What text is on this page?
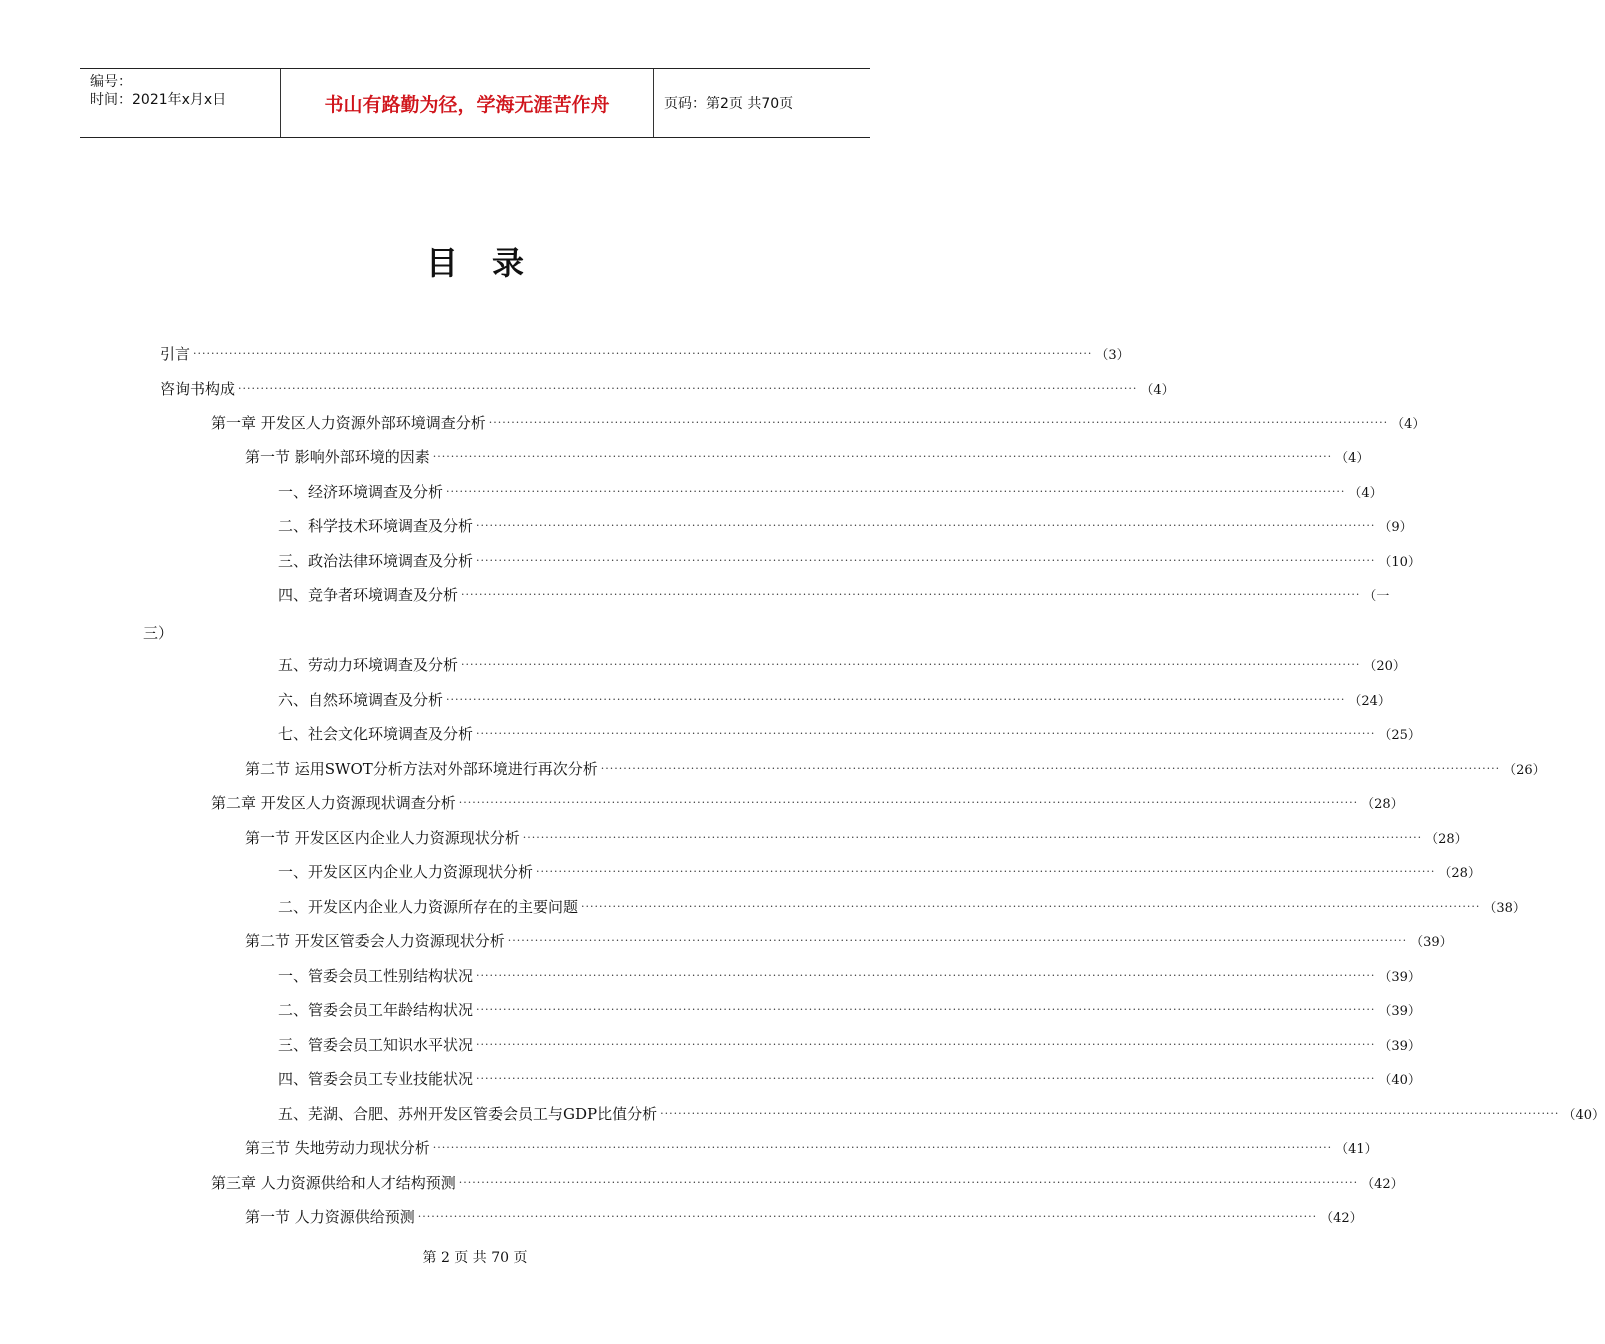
编号：
时间：2021年x月x日	书山有路勤为径，学海无涯苦作舟	页码：第2页 共70页
目录
引言 ········································································································································································································ （3）
咨询书构成 ········································································································································································································ （4）
第一章 开发区人力资源外部环境调查分析 ········································································································································································································ （4）
第一节 影响外部环境的因素 ········································································································································································································ （4）
一、经济环境调查及分析 ········································································································································································································ （4）
二、科学技术环境调查及分析 ········································································································································································································ （9）
三、政治法律环境调查及分析 ········································································································································································································ （10）
四、竞争者环境调查及分析 ········································································································································································································ （一
三）
五、劳动力环境调查及分析 ········································································································································································································ （20）
六、自然环境调查及分析 ········································································································································································································ （24）
七、社会文化环境调查及分析 ········································································································································································································ （25）
第二节 运用SWOT分析方法对外部环境进行再次分析 ········································································································································································································ （26）
第二章 开发区人力资源现状调查分析 ········································································································································································································ （28）
第一节 开发区区内企业人力资源现状分析 ········································································································································································································ （28）
一、开发区区内企业人力资源现状分析 ········································································································································································································ （28）
二、开发区内企业人力资源所存在的主要问题 ········································································································································································································ （38）
第二节 开发区管委会人力资源现状分析 ········································································································································································································ （39）
一、管委会员工性别结构状况 ········································································································································································································ （39）
二、管委会员工年龄结构状况 ········································································································································································································ （39）
三、管委会员工知识水平状况 ········································································································································································································ （39）
四、管委会员工专业技能状况 ········································································································································································································ （40）
五、芜湖、合肥、苏州开发区管委会员工与GDP比值分析 ········································································································································································································ （40）
第三节 失地劳动力现状分析 ········································································································································································································ （41）
第三章 人力资源供给和人才结构预测 ········································································································································································································ （42）
第一节 人力资源供给预测 ········································································································································································································ （42）
第 2 页 共 70 页
